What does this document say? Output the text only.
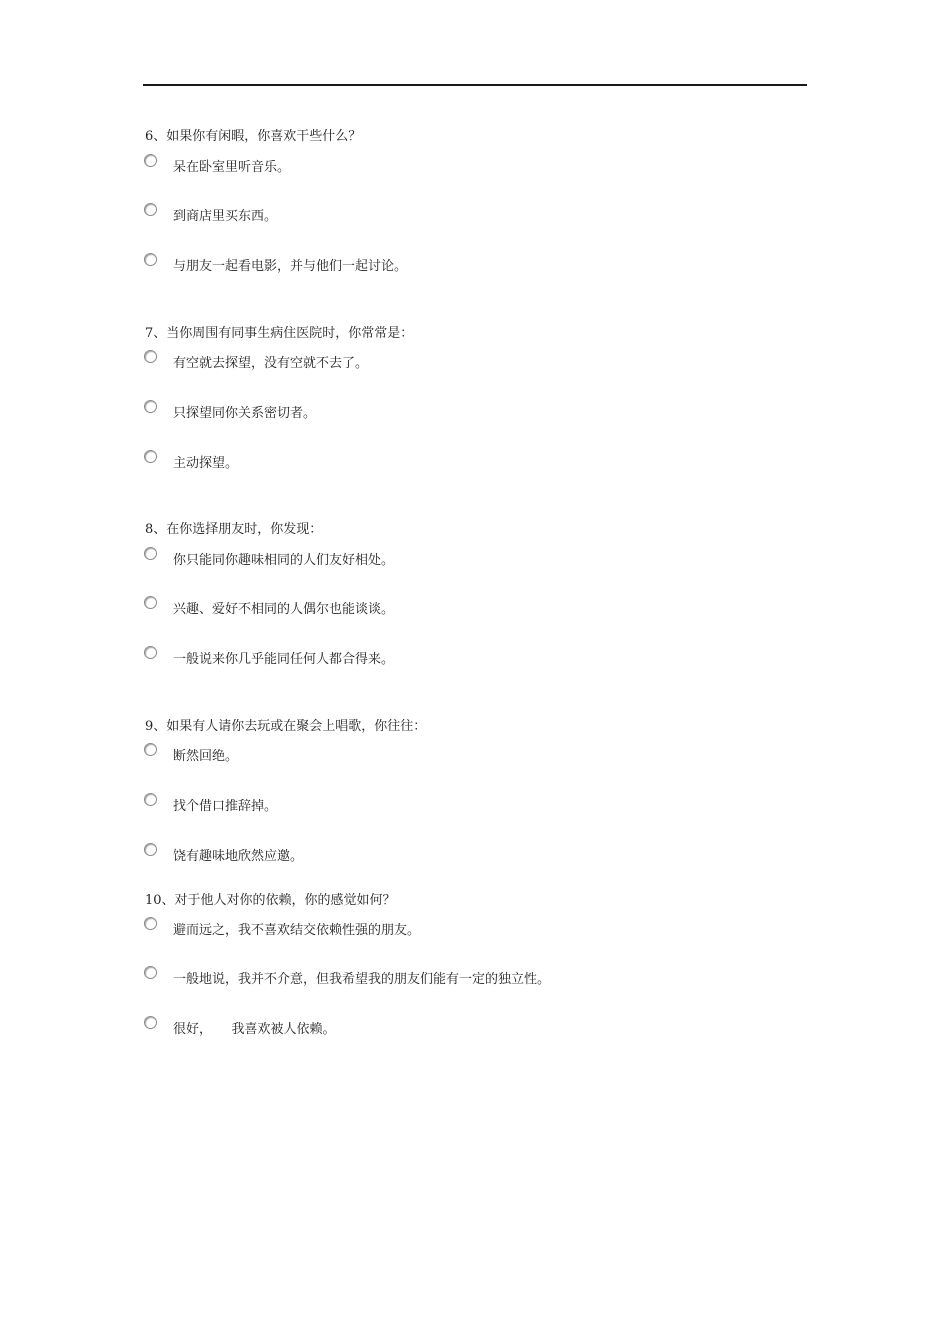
6、如果你有闲暇，你喜欢干些什么？
呆在卧室里听音乐。
到商店里买东西。
与朋友一起看电影，并与他们一起讨论。
7、当你周围有同事生病住医院时，你常常是：
有空就去探望，没有空就不去了。
只探望同你关系密切者。
主动探望。
8、在你选择朋友时，你发现：
你只能同你趣味相同的人们友好相处。
兴趣、爱好不相同的人偶尔也能谈谈。
一般说来你几乎能同任何人都合得来。
9、如果有人请你去玩或在聚会上唱歌，你往往：
断然回绝。
找个借口推辞掉。
饶有趣味地欣然应邀。
10、对于他人对你的依赖，你的感觉如何？
避而远之，我不喜欢结交依赖性强的朋友。
一般地说，我并不介意，但我希望我的朋友们能有一定的独立性。
很好，　　我喜欢被人依赖。
